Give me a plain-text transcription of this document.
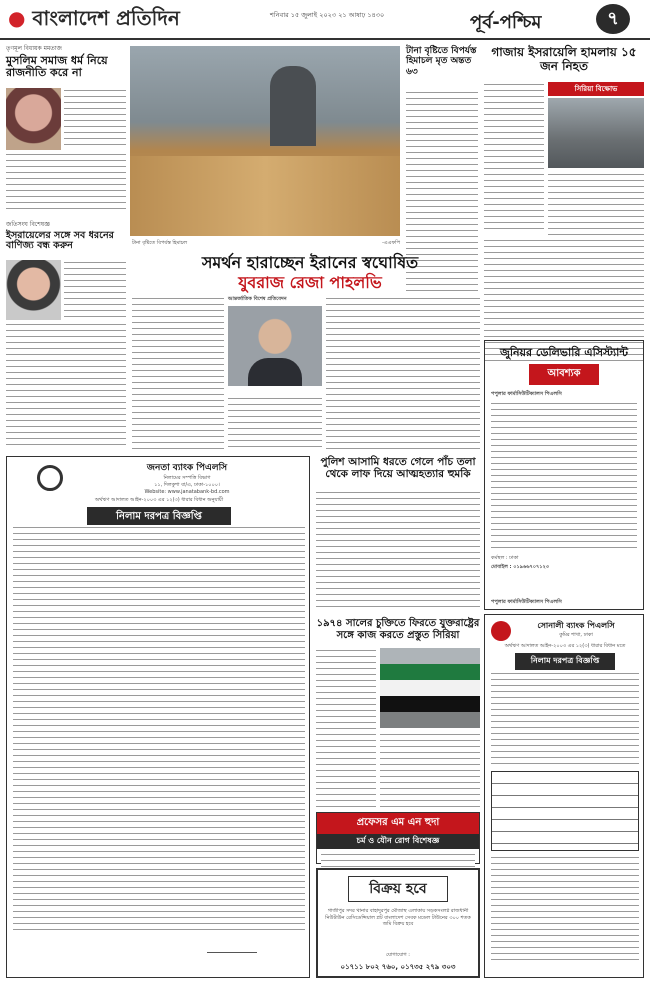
● বাংলাদেশ প্রতিদিন	শনিবার ১৫ জুলাই ২০২৩ ২১ আষাঢ় ১৪৩০	পূর্ব-পশ্চিম	৭
তৃণমূল বিধায়ক মমতাজ
মুসলিম সমাজ ধর্ম নিয়ে রাজনীতি করে না
টানা বৃষ্টিতে বিপর্যস্ত হিমাচল	-এএফপি
টানা বৃষ্টিতে বিপর্যস্ত হিমাচল মৃত অন্তত ৬৩
গাজায় ইসরায়েলি হামলায় ১৫ জন নিহত
সিরিয়া বিক্ষোভ
সমর্থন হারাচ্ছেন ইরানের স্বঘোষিত
যুবরাজ রেজা পাহলভি
জতিসংঘ বিশেষজ্ঞ
ইসরায়েলের সঙ্গে সব ধরনের বাণিজ্য বন্ধ করুন
আন্তর্জাতিক বিশেষ প্রতিবেদন
জুনিয়র ডেলিভারি এসিস্ট্যান্ট
আবশ্যক
পপুলার ফার্মাসিউটিক্যালস পিএলসি
কর্মস্থল : ঢাকা
মোবাইল : ০১৯৬৬৭০৭১২৩
পপুলার ফার্মাসিউটিক্যালস পিএলসি
জনতা ব্যাংক পিএলসি
নিলামের সম্পত্তি বিভাগ
১১, দিলকুশা বা/এ, ঢাকা-১০০০।
Website: www.janatabank-bd.com
অর্থঋণ আদালত আইন-২০০৩ এর ১২(৩) ধারার বিধান অনুযায়ী
নিলাম দরপত্র বিজ্ঞপ্তি
পুলিশ আসামি ধরতে গেলে পাঁচ তলা থেকে লাফ দিয়ে আত্মহত্যার হুমকি
সোনালী ব্যাংক পিএলসি
কুমির শাখা, ঢাকা
অর্থঋণ আদালত আইন-২০০৩ এর ১২(৩) ধারার বিধান মতে
নিলাম দরপত্র বিজ্ঞপ্তি
১৯৭৪ সালের চুক্তিতে ফিরতে যুক্তরাষ্ট্রের সঙ্গে কাজ করতে প্রস্তুত সিরিয়া
প্রফেসর এম এন হুদা
চর্ম ও যৌন রোগ বিশেষজ্ঞ
বিক্রয় হবে
গাজীপুর সদর থানার বাহাদুরপুর মৌজাস্থ এলাকায় সড়কসংলগ্ন রাজধানী নিউটাউন রেসিডেন্সিয়াল প্লট বাংলাদেশ সেবক মডেল টাউনের ৩০০ শতক জমি বিক্রয় হবে
যোগাযোগ :
০১৭১১ ৮০২ ৭৬০, ০১৭৩৫ ২৭৯ ৩০৩
